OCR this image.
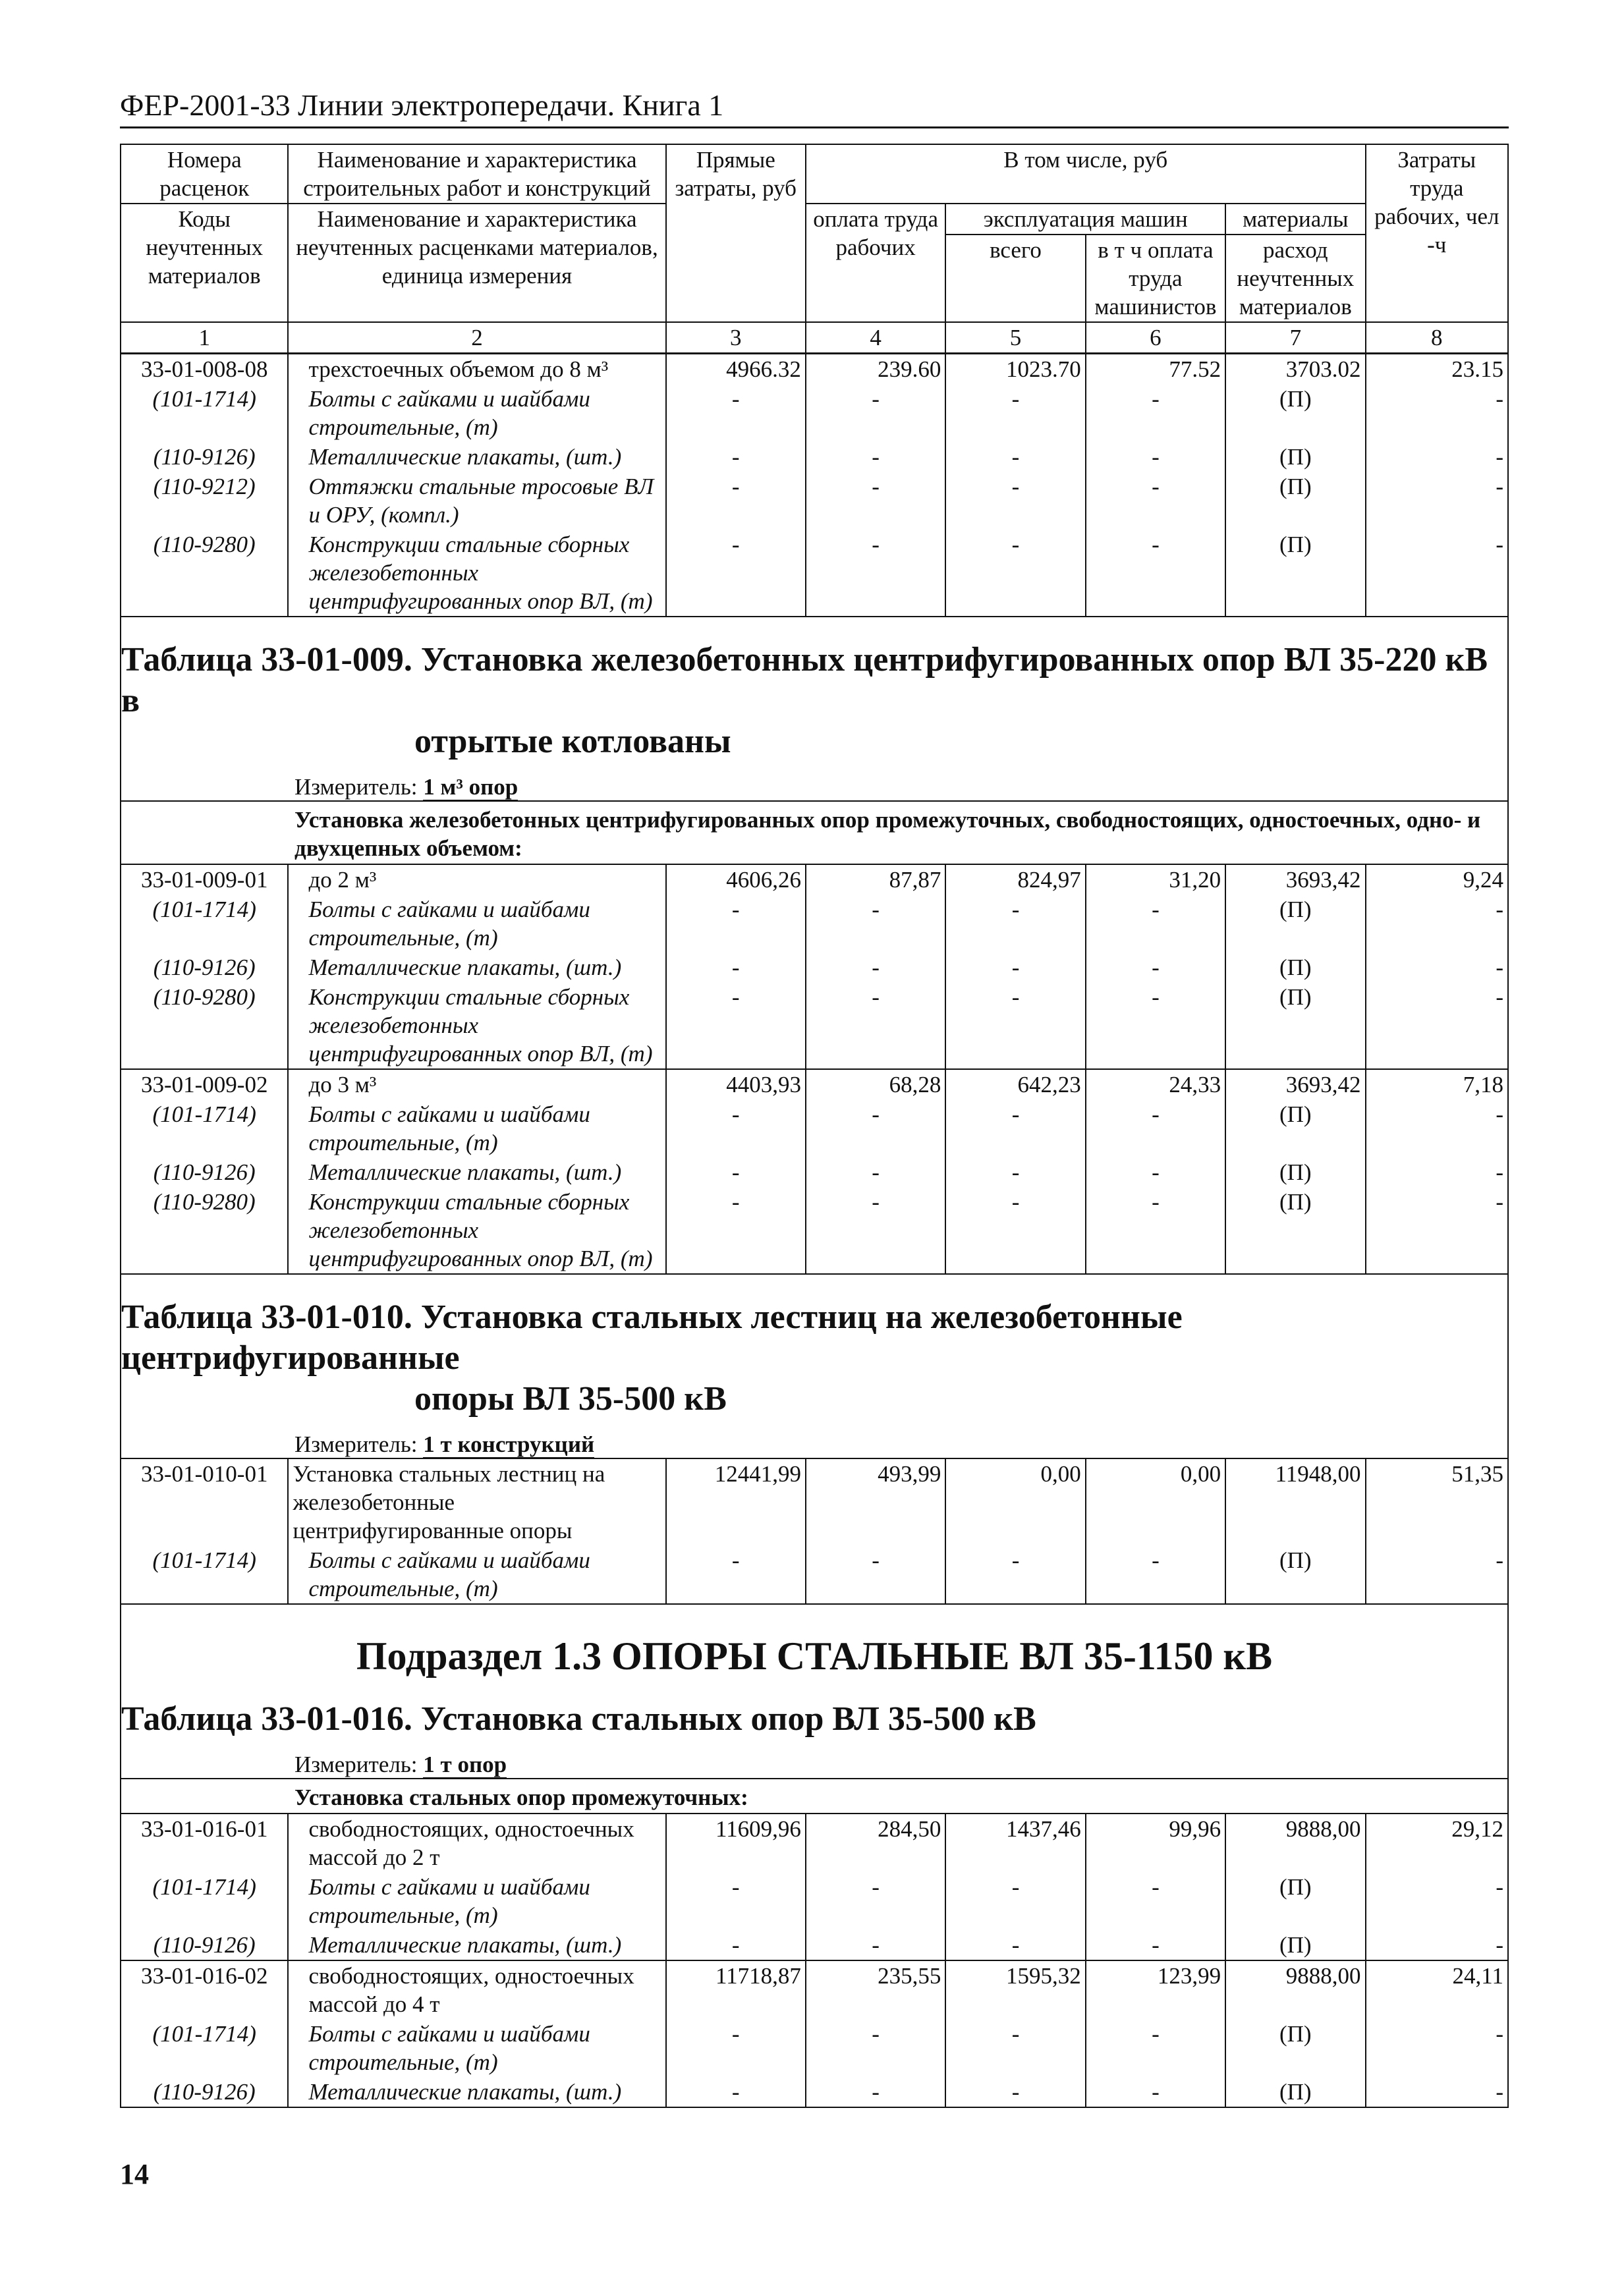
ФЕР-2001-33 Линии электропередачи. Книга 1
Номера расценок	Наименование и характеристика строительных работ и конструкций	Прямые затраты, руб	В том числе, руб				Затраты труда рабочих, чел -ч
Коды неучтенных материалов	Наименование и характеристика неучтенных расценками материалов, единица измерения		оплата труда рабочих	эксплуатация машин		материалы	
				всего	в т ч оплата труда машинистов	расход неучтенных материалов	
1	2	3	4	5	6	7	8
33-01-008-08	трехстоечных объемом до 8 м³	4966.32	239.60	1023.70	77.52	3703.02	23.15
(101-1714)	Болты с гайками и шайбами строительные, (т)	-	-	-	-	(П)	-
(110-9126)	Металлические плакаты, (шт.)	-	-	-	-	(П)	-
(110-9212)	Оттяжки стальные тросовые ВЛ и ОРУ, (компл.)	-	-	-	-	(П)	-
(110-9280)	Конструкции стальные сборных железобетонных центрифугированных опор ВЛ, (т)	-	-	-	-	(П)	-
Таблица 33-01-009. Установка железобетонных центрифугированных опор ВЛ 35-220 кВ в
отрытые котлованы
Измеритель: 1 м³ опор
Установка железобетонных центрифугированных опор промежуточных, свободностоящих, одностоечных, одно- и двухцепных объемом:
33-01-009-01	до 2 м³	4606,26	87,87	824,97	31,20	3693,42	9,24
(101-1714)	Болты с гайками и шайбами строительные, (т)	-	-	-	-	(П)	-
(110-9126)	Металлические плакаты, (шт.)	-	-	-	-	(П)	-
(110-9280)	Конструкции стальные сборных железобетонных центрифугированных опор ВЛ, (т)	-	-	-	-	(П)	-
33-01-009-02	до 3 м³	4403,93	68,28	642,23	24,33	3693,42	7,18
(101-1714)	Болты с гайками и шайбами строительные, (т)	-	-	-	-	(П)	-
(110-9126)	Металлические плакаты, (шт.)	-	-	-	-	(П)	-
(110-9280)	Конструкции стальные сборных железобетонных центрифугированных опор ВЛ, (т)	-	-	-	-	(П)	-
Таблица 33-01-010. Установка стальных лестниц на железобетонные центрифугированные
опоры ВЛ 35-500 кВ
Измеритель: 1 т конструкций
33-01-010-01	Установка стальных лестниц на железобетонные центрифугированные опоры	12441,99	493,99	0,00	0,00	11948,00	51,35
(101-1714)	Болты с гайками и шайбами строительные, (т)	-	-	-	-	(П)	-
Подраздел 1.3 ОПОРЫ СТАЛЬНЫЕ ВЛ 35-1150 кВ
Таблица 33-01-016. Установка стальных опор ВЛ 35-500 кВ
Измеритель: 1 т опор
Установка стальных опор промежуточных:
33-01-016-01	свободностоящих, одностоечных массой до 2 т	11609,96	284,50	1437,46	99,96	9888,00	29,12
(101-1714)	Болты с гайками и шайбами строительные, (т)	-	-	-	-	(П)	-
(110-9126)	Металлические плакаты, (шт.)	-	-	-	-	(П)	-
33-01-016-02	свободностоящих, одностоечных массой до 4 т	11718,87	235,55	1595,32	123,99	9888,00	24,11
(101-1714)	Болты с гайками и шайбами строительные, (т)	-	-	-	-	(П)	-
(110-9126)	Металлические плакаты, (шт.)	-	-	-	-	(П)	-
14
